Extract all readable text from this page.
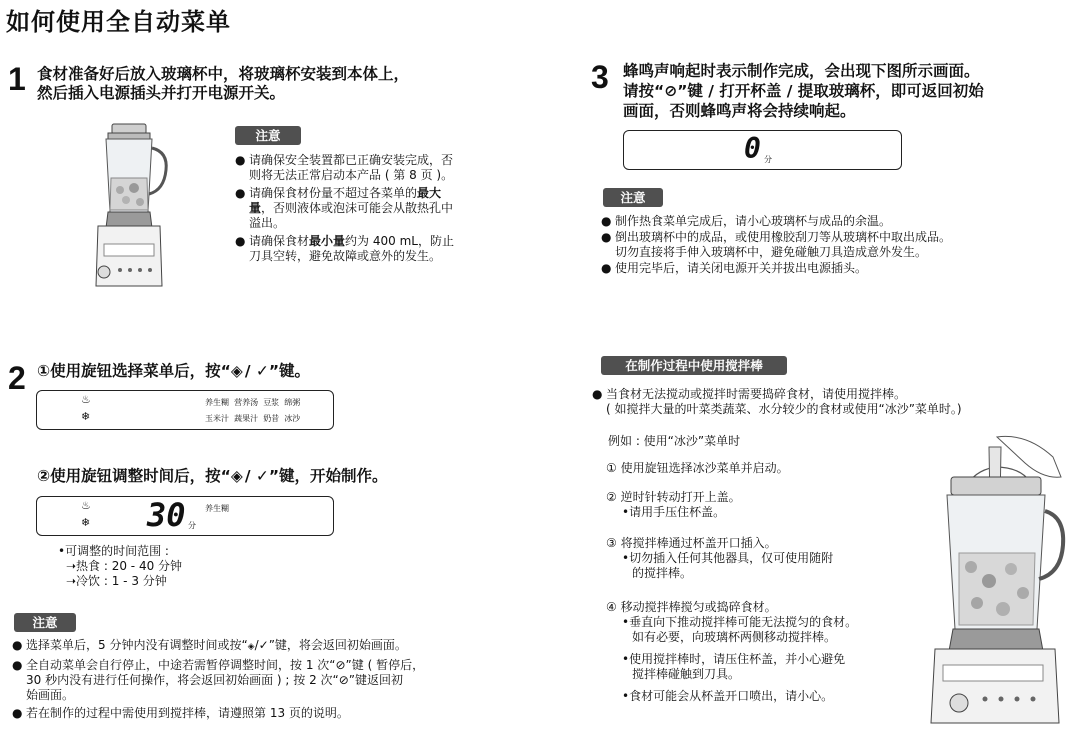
如何使用全自动菜单
1 食材准备好后放入玻璃杯中，将玻璃杯安装到本体上，
然后插入电源插头并打开电源开关。
注意
● 请确保安全装置都已正确安装完成，否
则将无法正常启动本产品 ( 第 8 页 )。
● 请确保食材份量不超过各菜单的最大
量，否则液体或泡沫可能会从散热孔中
溢出。
● 请确保食材最小量约为 400 mL，防止
刀具空转，避免故障或意外的发生。
2 ①使用旋钮选择菜单后，按“◈ / ✓”键。
♨
❄
养生糊 营养汤 豆浆 绵粥
玉米汁 蔬果汁 奶昔 冰沙
②使用旋钮调整时间后，按“◈ / ✓”键，开始制作。
♨
❄ 30 分
养生糊
•可调整的时间范围 :
➝热食 : 20 - 40 分钟
➝冷饮 : 1 - 3 分钟
注意
● 选择菜单后，5 分钟内没有调整时间或按“◈/✓”键，将会返回初始画面。
● 全自动菜单会自行停止，中途若需暂停调整时间，按 1 次“⊘”键 ( 暂停后，
30 秒内没有进行任何操作，将会返回初始画面 ) ; 按 2 次“⊘”键返回初
始画面。
● 若在制作的过程中需使用到搅拌棒，请遵照第 13 页的说明。
3 蜂鸣声响起时表示制作完成，会出现下图所示画面。
请按“⊘”键 / 打开杯盖 / 提取玻璃杯，即可返回初始
画面，否则蜂鸣声将会持续响起。
0 分
注意
● 制作热食菜单完成后，请小心玻璃杯与成品的余温。
● 倒出玻璃杯中的成品，或使用橡胶刮刀等从玻璃杯中取出成品。
切勿直接将手伸入玻璃杯中，避免碰触刀具造成意外发生。
● 使用完毕后，请关闭电源开关并拔出电源插头。
在制作过程中使用搅拌棒
● 当食材无法搅动或搅拌时需要捣碎食材，请使用搅拌棒。
( 如搅拌大量的叶菜类蔬菜、水分较少的食材或使用“冰沙”菜单时。)
例如 : 使用“冰沙”菜单时
① 使用旋钮选择冰沙菜单并启动。
② 逆时针转动打开上盖。
•请用手压住杯盖。
③ 将搅拌棒通过杯盖开口插入。
•切勿插入任何其他器具，仅可使用随附
的搅拌棒。
④ 移动搅拌棒搅匀或捣碎食材。
•垂直向下推动搅拌棒可能无法搅匀的食材。
如有必要，向玻璃杯两侧移动搅拌棒。
•使用搅拌棒时，请压住杯盖，并小心避免
搅拌棒碰触到刀具。
•食材可能会从杯盖开口喷出，请小心。
